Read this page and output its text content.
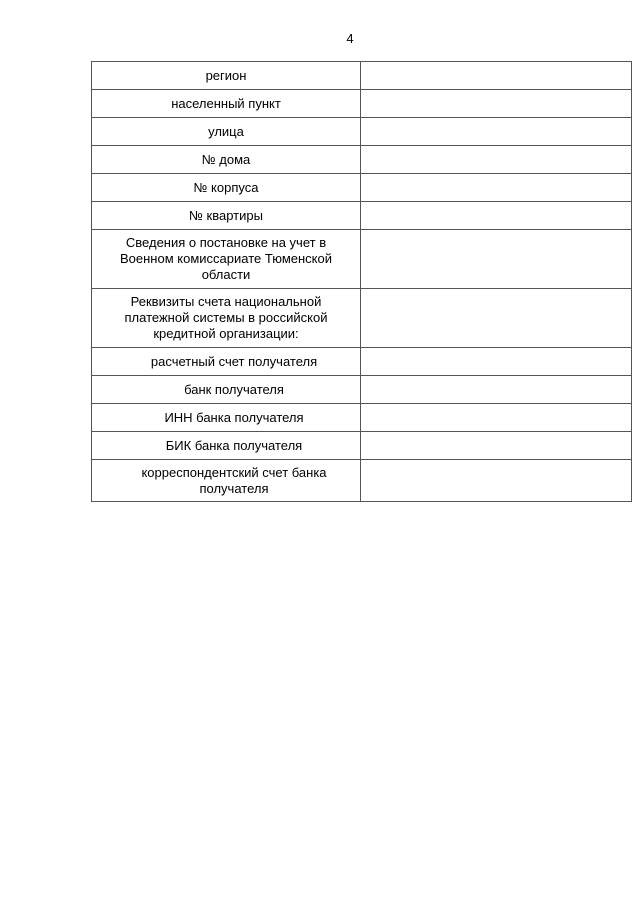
4
регион	
населенный пункт	
улица	
№ дома	
№ корпуса	
№ квартиры	
Сведения о постановке на учет в Военном комиссариате Тюменской области	
Реквизиты счета национальной платежной системы в российской кредитной организации:	
расчетный счет получателя	
банк получателя	
ИНН банка получателя	
БИК банка получателя	
корреспондентский счет банка получателя	
